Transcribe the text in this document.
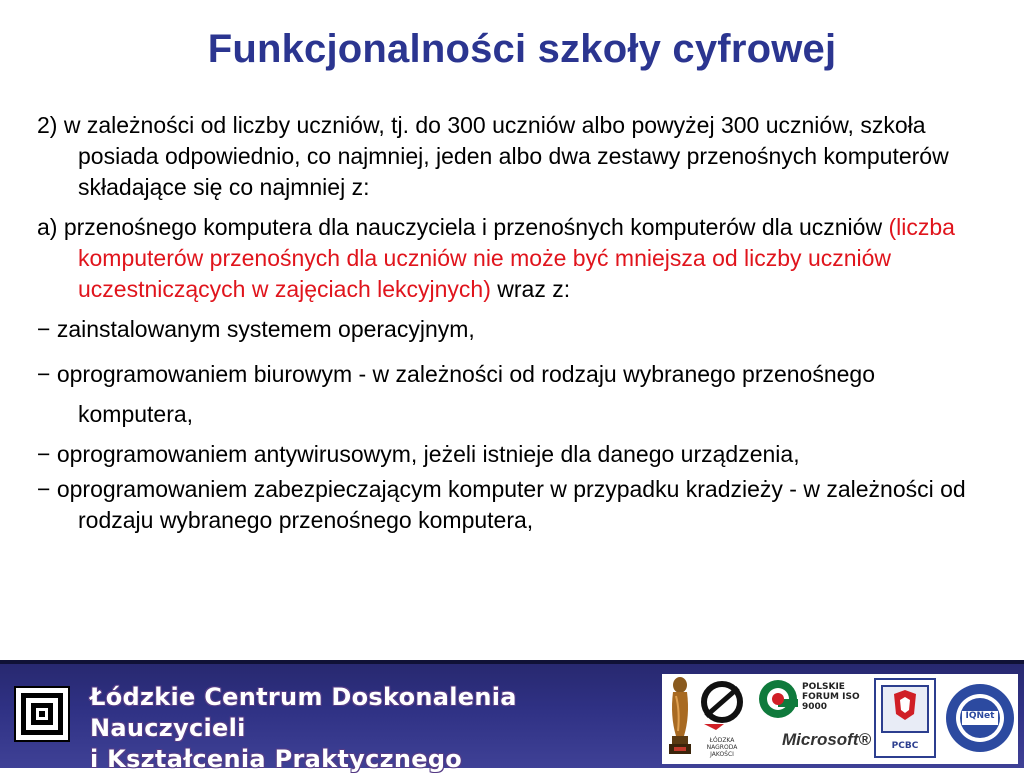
Funkcjonalności szkoły cyfrowej

2) w zależności od liczby uczniów, tj. do 300 uczniów albo powyżej 300 uczniów, szkoła posiada odpowiednio, co najmniej, jeden albo dwa zestawy przenośnych komputerów składające się co najmniej z:

a) przenośnego komputera dla nauczyciela i przenośnych komputerów dla uczniów (liczba komputerów przenośnych dla uczniów nie może być mniejsza od liczby uczniów uczestniczących w zajęciach lekcyjnych) wraz z:

− zainstalowanym systemem operacyjnym,

− oprogramowaniem biurowym - w zależności od rodzaju wybranego przenośnego komputera,

− oprogramowaniem antywirusowym, jeżeli istnieje dla danego urządzenia,

− oprogramowaniem zabezpieczającym komputer w przypadku kradzieży - w zależności od rodzaju wybranego przenośnego komputera,

Łódzkie Centrum Doskonalenia Nauczycieli
i Kształcenia Praktycznego
ŁÓDZKA NAGRODA JAKOŚCI
POLSKIE FORUM ISO 9000
Microsoft®	PCBC
IQNet
